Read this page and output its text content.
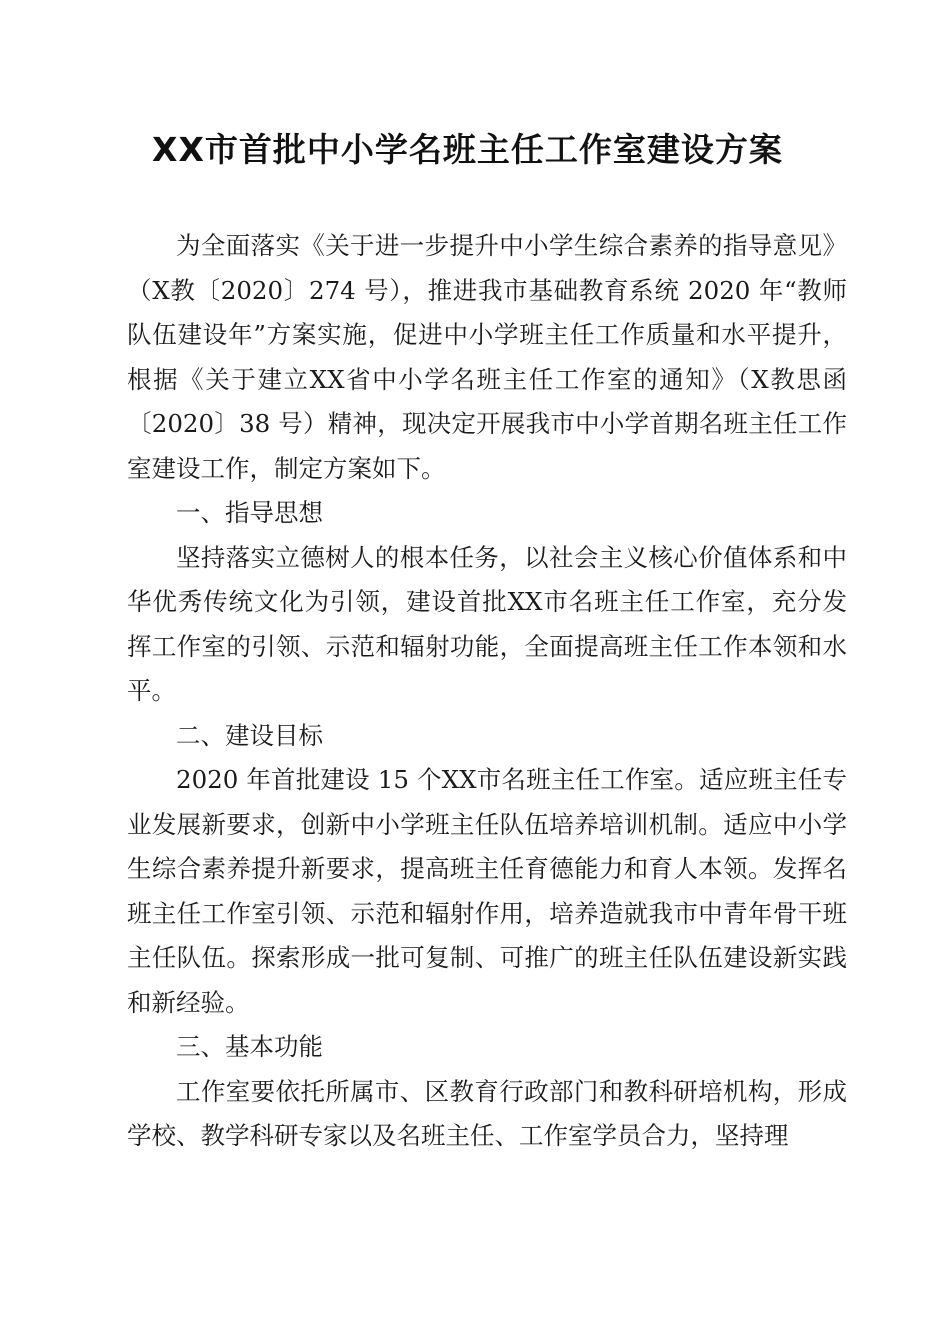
XX市首批中小学名班主任工作室建设方案

为全面落实《关于进一步提升中小学生综合素养的指导意见》（X教〔2020〕274 号），推进我市基础教育系统 2020 年“教师队伍建设年”方案实施，促进中小学班主任工作质量和水平提升，根据《关于建立XX省中小学名班主任工作室的通知》（X教思函〔2020〕38 号）精神，现决定开展我市中小学首期名班主任工作室建设工作，制定方案如下。

一、指导思想

坚持落实立德树人的根本任务，以社会主义核心价值体系和中华优秀传统文化为引领，建设首批XX市名班主任工作室，充分发挥工作室的引领、示范和辐射功能，全面提高班主任工作本领和水平。

二、建设目标

2020 年首批建设 15 个XX市名班主任工作室。适应班主任专业发展新要求，创新中小学班主任队伍培养培训机制。适应中小学生综合素养提升新要求，提高班主任育德能力和育人本领。发挥名班主任工作室引领、示范和辐射作用，培养造就我市中青年骨干班主任队伍。探索形成一批可复制、可推广的班主任队伍建设新实践和新经验。

三、基本功能

工作室要依托所属市、区教育行政部门和教科研培机构，形成学校、教学科研专家以及名班主任、工作室学员合力，坚持理
